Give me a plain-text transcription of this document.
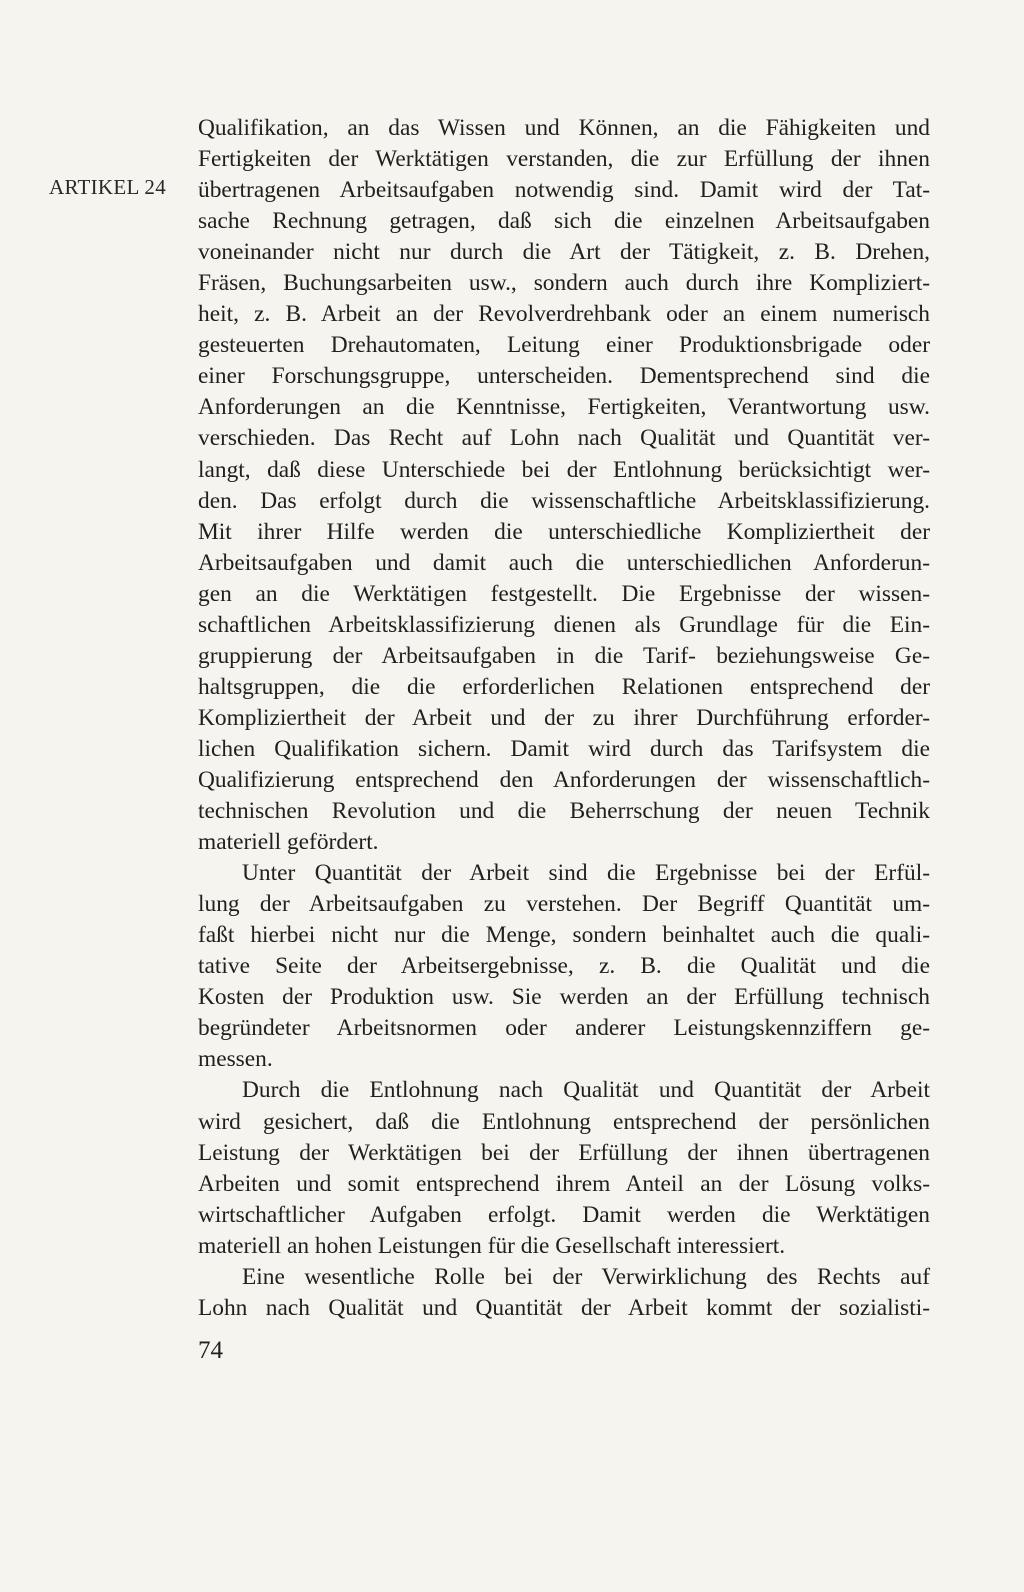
ARTIKEL 24
Qualifikation, an das Wissen und Können, an die Fähigkeiten und
Fertigkeiten der Werktätigen verstanden, die zur Erfüllung der ihnen
übertragenen Arbeitsaufgaben notwendig sind. Damit wird der Tat-
sache Rechnung getragen, daß sich die einzelnen Arbeitsaufgaben
voneinander nicht nur durch die Art der Tätigkeit, z. B. Drehen,
Fräsen, Buchungsarbeiten usw., sondern auch durch ihre Kompliziert-
heit, z. B. Arbeit an der Revolverdrehbank oder an einem numerisch
gesteuerten Drehautomaten, Leitung einer Produktionsbrigade oder
einer Forschungsgruppe, unterscheiden. Dementsprechend sind die
Anforderungen an die Kenntnisse, Fertigkeiten, Verantwortung usw.
verschieden. Das Recht auf Lohn nach Qualität und Quantität ver-
langt, daß diese Unterschiede bei der Entlohnung berücksichtigt wer-
den. Das erfolgt durch die wissenschaftliche Arbeitsklassifizierung.
Mit ihrer Hilfe werden die unterschiedliche Kompliziertheit der
Arbeitsaufgaben und damit auch die unterschiedlichen Anforderun-
gen an die Werktätigen festgestellt. Die Ergebnisse der wissen-
schaftlichen Arbeitsklassifizierung dienen als Grundlage für die Ein-
gruppierung der Arbeitsaufgaben in die Tarif- beziehungsweise Ge-
haltsgruppen, die die erforderlichen Relationen entsprechend der
Kompliziertheit der Arbeit und der zu ihrer Durchführung erforder-
lichen Qualifikation sichern. Damit wird durch das Tarifsystem die
Qualifizierung entsprechend den Anforderungen der wissenschaftlich-
technischen Revolution und die Beherrschung der neuen Technik
materiell gefördert.
Unter Quantität der Arbeit sind die Ergebnisse bei der Erfül-
lung der Arbeitsaufgaben zu verstehen. Der Begriff Quantität um-
faßt hierbei nicht nur die Menge, sondern beinhaltet auch die quali-
tative Seite der Arbeitsergebnisse, z. B. die Qualität und die
Kosten der Produktion usw. Sie werden an der Erfüllung technisch
begründeter Arbeitsnormen oder anderer Leistungskennziffern ge-
messen.
Durch die Entlohnung nach Qualität und Quantität der Arbeit
wird gesichert, daß die Entlohnung entsprechend der persönlichen
Leistung der Werktätigen bei der Erfüllung der ihnen übertragenen
Arbeiten und somit entsprechend ihrem Anteil an der Lösung volks-
wirtschaftlicher Aufgaben erfolgt. Damit werden die Werktätigen
materiell an hohen Leistungen für die Gesellschaft interessiert.
Eine wesentliche Rolle bei der Verwirklichung des Rechts auf
Lohn nach Qualität und Quantität der Arbeit kommt der sozialisti-
74
